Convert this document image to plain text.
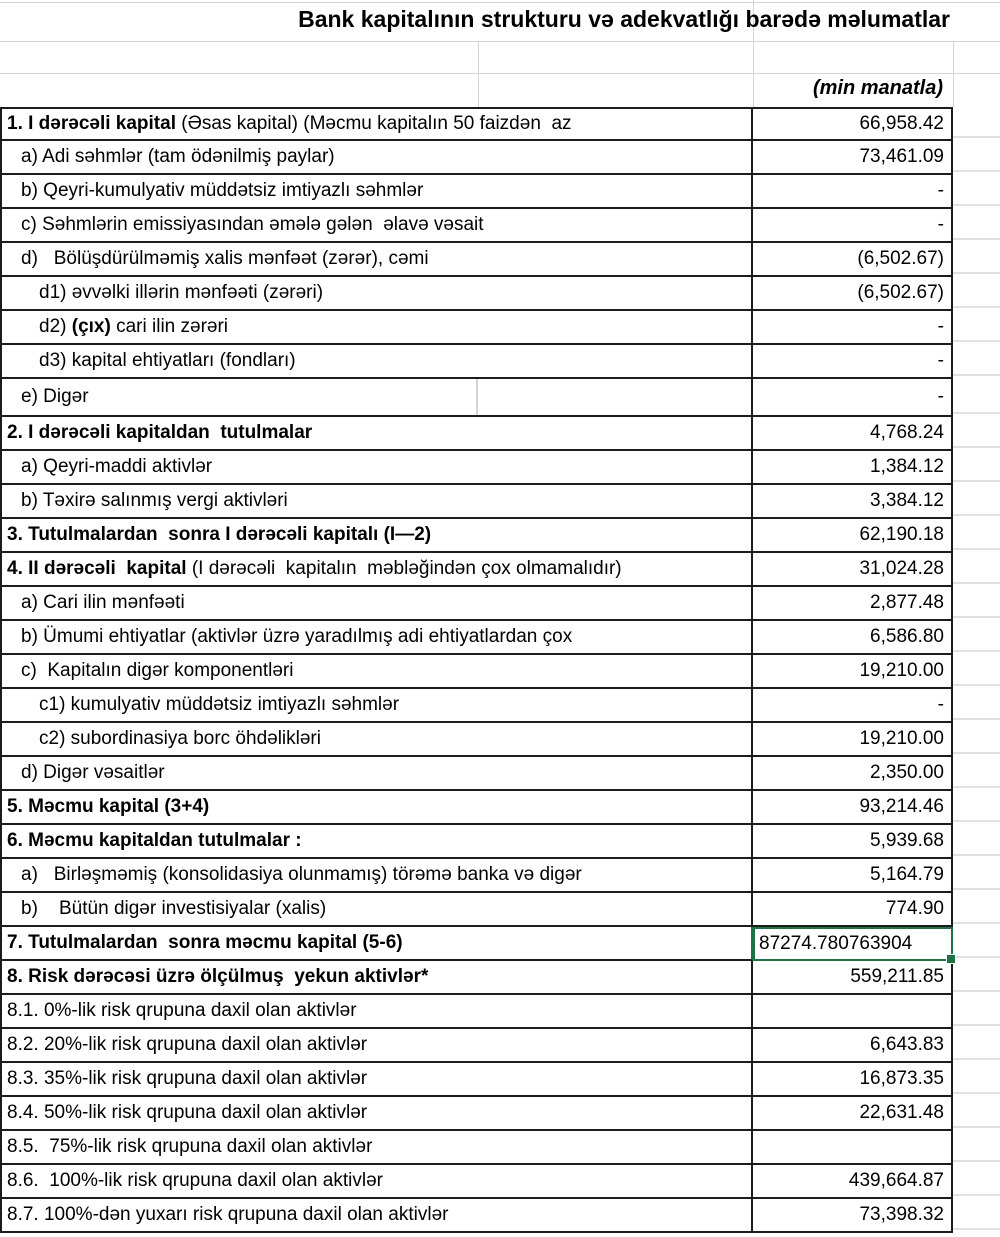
Bank kapitalının strukturu və adekvatlığı barədə məlumatlar
(min manatla)
1. I dərəcəli kapital (Əsas kapital) (Məcmu kapitalın 50 faizdən  az	66,958.42
a) Adi səhmlər (tam ödənilmiş paylar)	73,461.09
b) Qeyri-kumulyativ müddətsiz imtiyazlı səhmlər	-
c) Səhmlərin emissiyasından əmələ gələn  əlavə vəsait	-
d)   Bölüşdürülməmiş xalis mənfəət (zərər), cəmi	(6,502.67)
d1) əvvəlki illərin mənfəəti (zərəri)	(6,502.67)
d2) (çıx) cari ilin zərəri	-
d3) kapital ehtiyatları (fondları)	-
e) Digər	-
2. I dərəcəli kapitaldan  tutulmalar	4,768.24
a) Qeyri-maddi aktivlər	1,384.12
b) Təxirə salınmış vergi aktivləri	3,384.12
3. Tutulmalardan  sonra I dərəcəli kapitalı (I—2)	62,190.18
4. II dərəcəli  kapital (I dərəcəli  kapitalın  məbləğindən çox olmamalıdır)	31,024.28
a) Cari ilin mənfəəti	2,877.48
b) Ümumi ehtiyatlar (aktivlər üzrə yaradılmış adi ehtiyatlardan çox	6,586.80
c)  Kapitalın digər komponentləri	19,210.00
c1) kumulyativ müddətsiz imtiyazlı səhmlər	-
c2) subordinasiya borc öhdəlikləri	19,210.00
d) Digər vəsaitlər	2,350.00
5. Məcmu kapital (3+4)	93,214.46
6. Məcmu kapitaldan tutulmalar :	5,939.68
a)   Birləşməmiş (konsolidasiya olunmamış) törəmə banka və digər	5,164.79
b)    Bütün digər investisiyalar (xalis)	774.90
7. Tutulmalardan  sonra məcmu kapital (5-6)	87274.780763904
8. Risk dərəcəsi üzrə ölçülmuş  yekun aktivlər*	559,211.85
8.1. 0%-lik risk qrupuna daxil olan aktivlər
8.2. 20%-lik risk qrupuna daxil olan aktivlər	6,643.83
8.3. 35%-lik risk qrupuna daxil olan aktivlər	16,873.35
8.4. 50%-lik risk qrupuna daxil olan aktivlər	22,631.48
8.5.  75%-lik risk qrupuna daxil olan aktivlər
8.6.  100%-lik risk qrupuna daxil olan aktivlər	439,664.87
8.7. 100%-dən yuxarı risk qrupuna daxil olan aktivlər	73,398.32
